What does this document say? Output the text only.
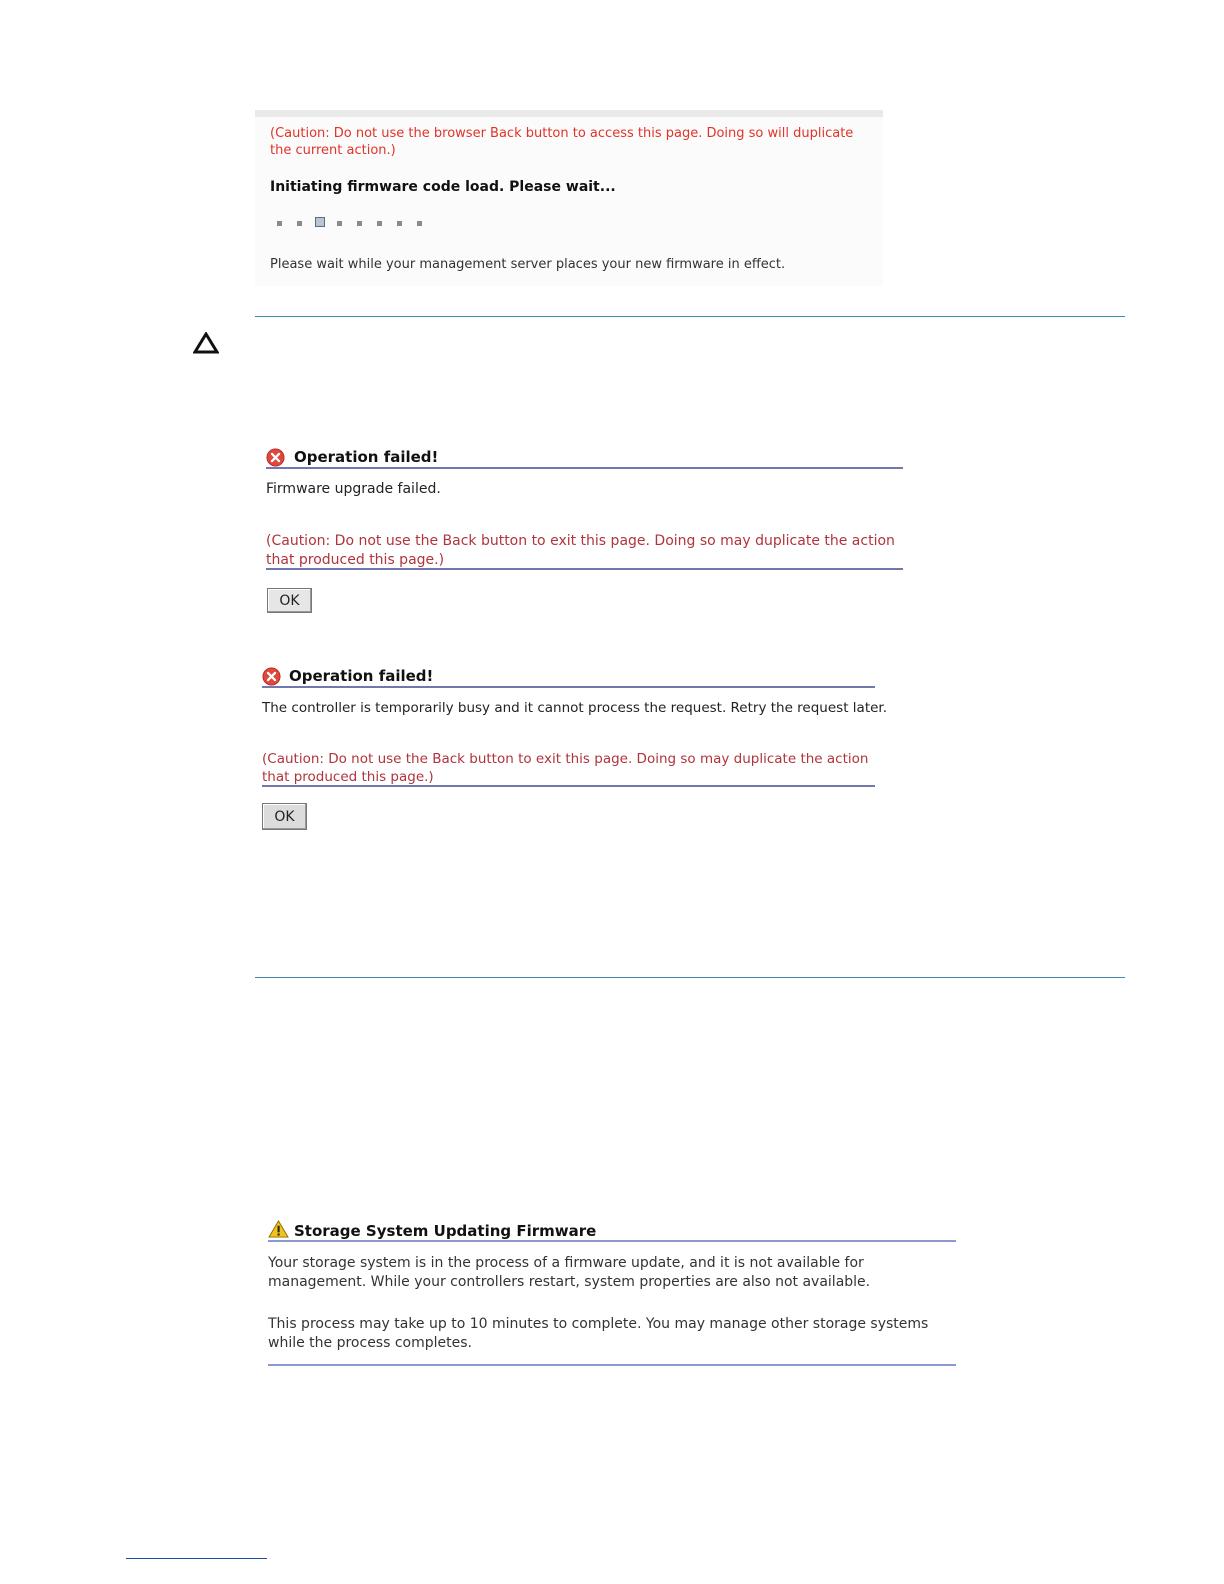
(Caution: Do not use the browser Back button to access this page. Doing so will duplicate the current action.)
Initiating firmware code load. Please wait...
Please wait while your management server places your new firmware in effect.
Operation failed!
Firmware upgrade failed.
(Caution: Do not use the Back button to exit this page. Doing so may duplicate the action that produced this page.)
OK
Operation failed!
The controller is temporarily busy and it cannot process the request. Retry the request later.
(Caution: Do not use the Back button to exit this page. Doing so may duplicate the action that produced this page.)
OK
Storage System Updating Firmware
Your storage system is in the process of a firmware update, and it is not available for management. While your controllers restart, system properties are also not available.
This process may take up to 10 minutes to complete. You may manage other storage systems while the process completes.
